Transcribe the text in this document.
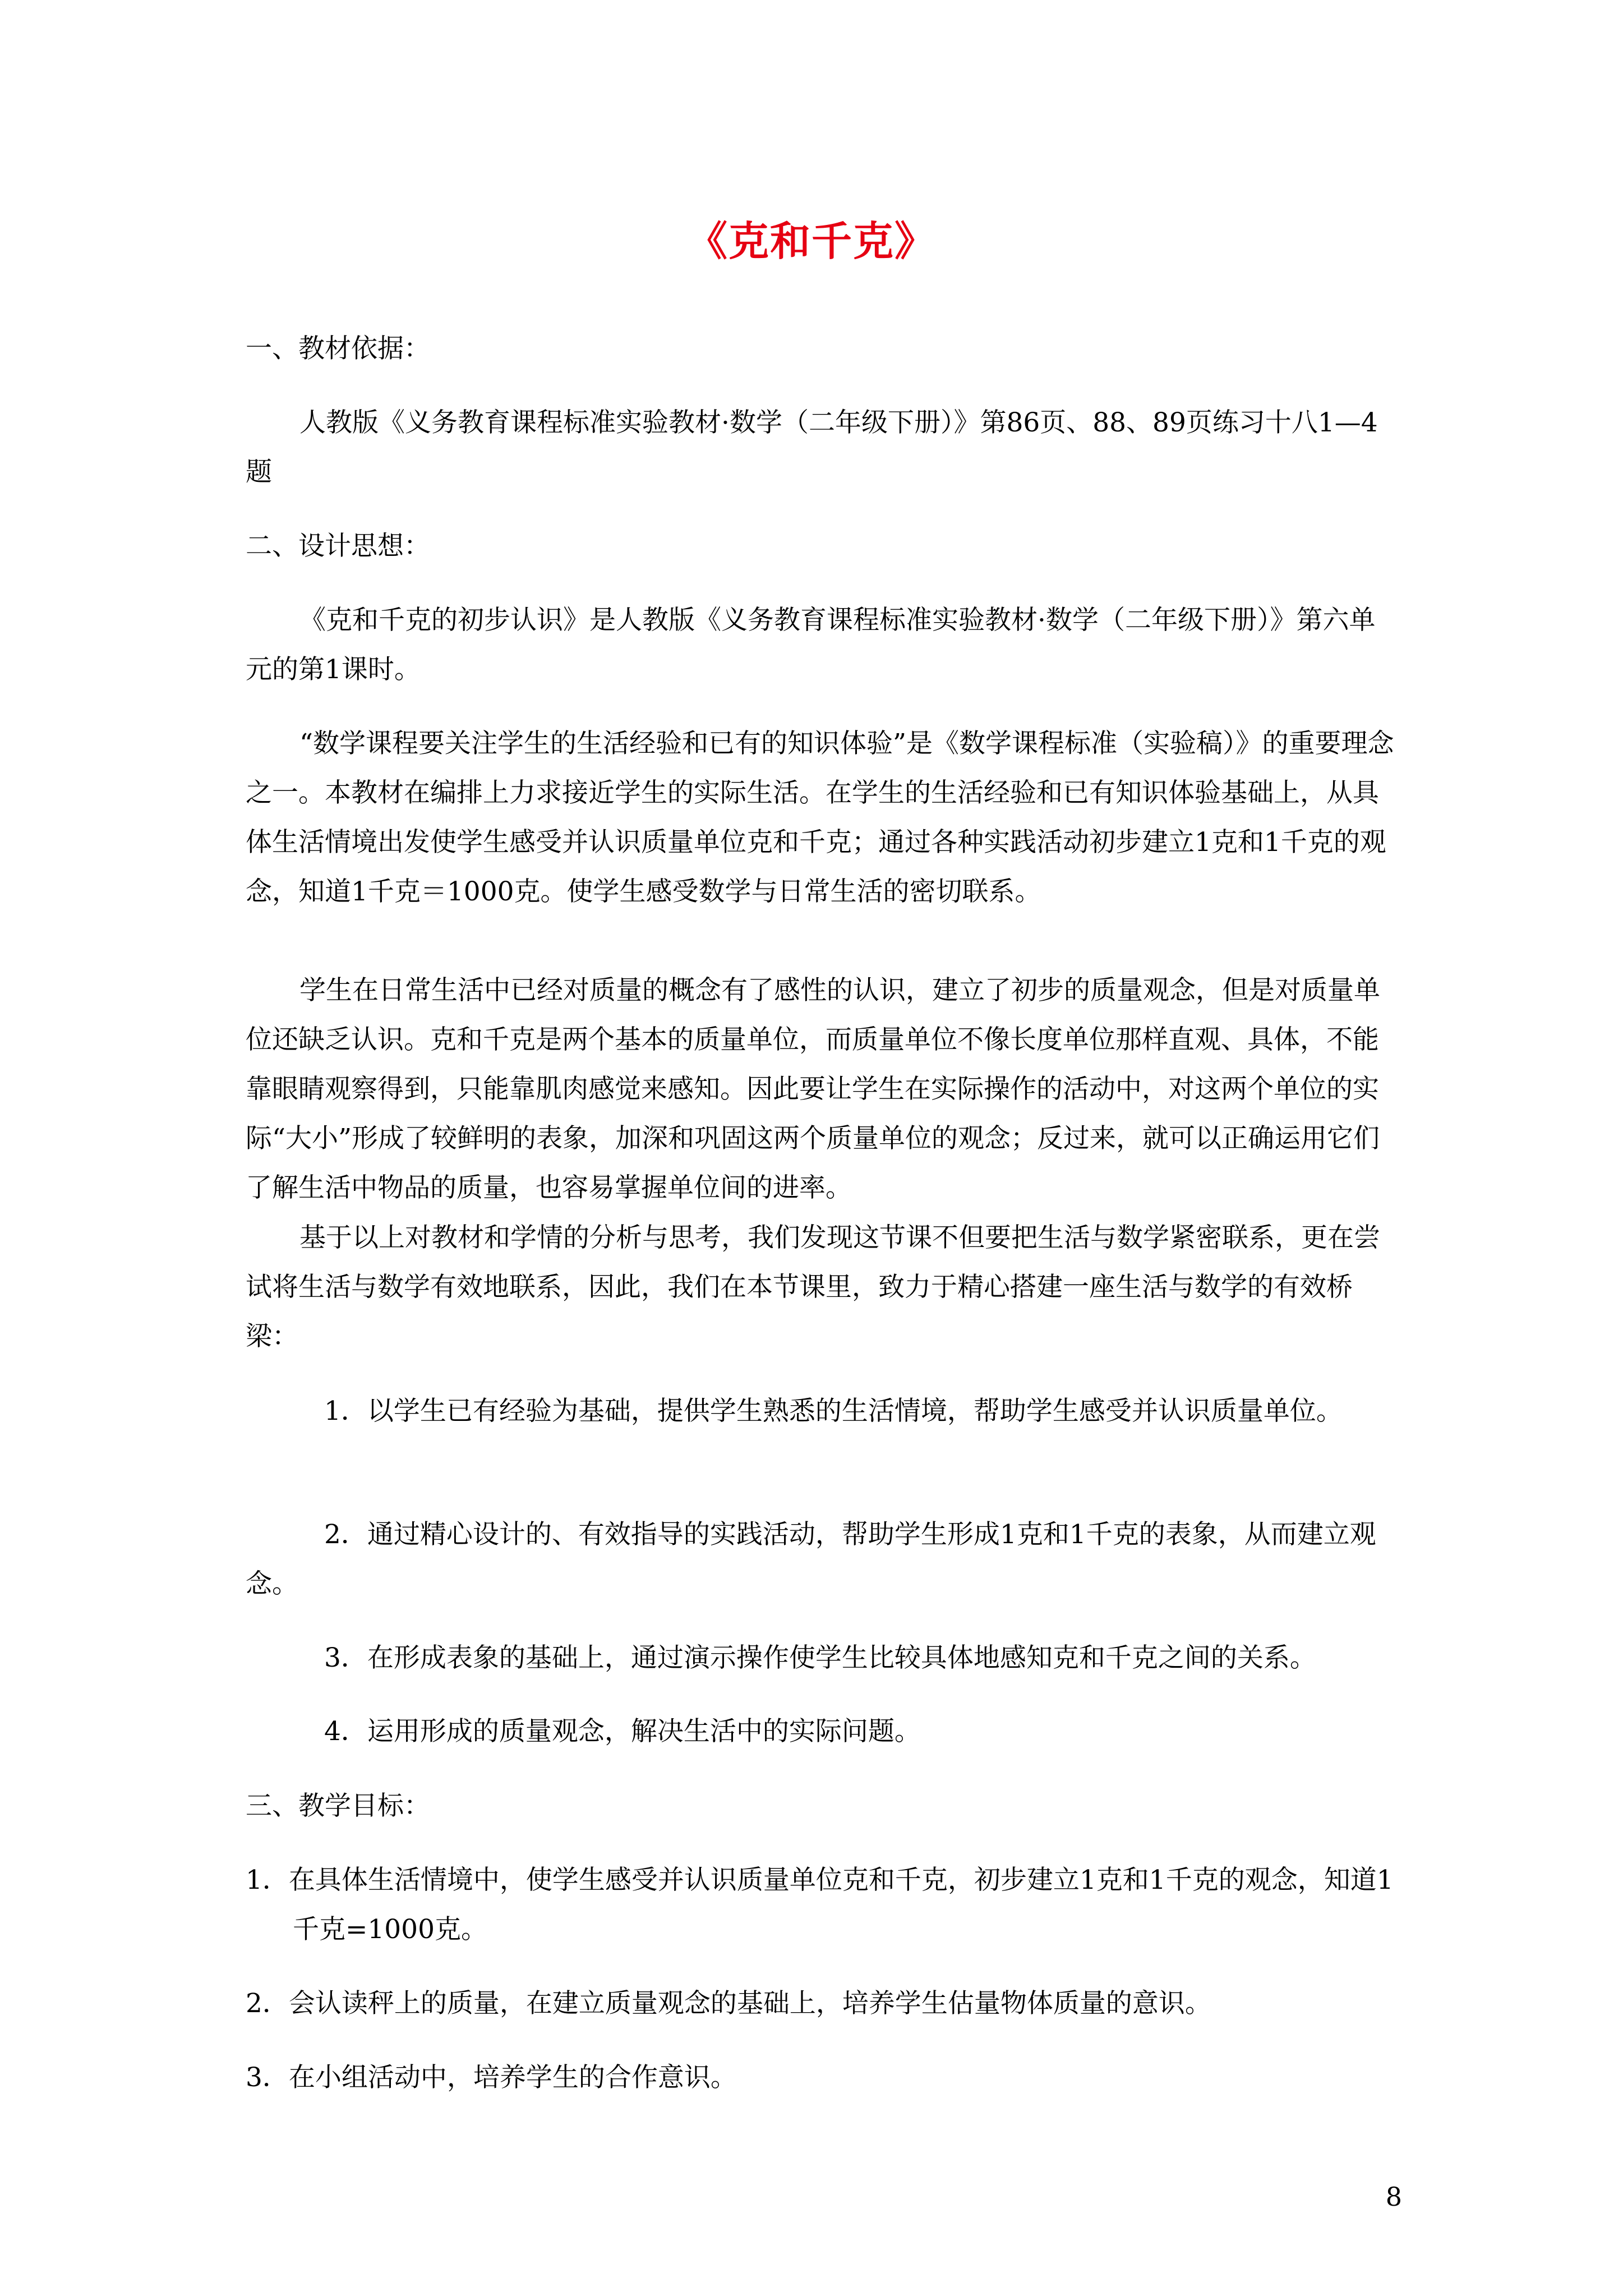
《克和千克》

一、教材依据：

人教版《义务教育课程标准实验教材·数学（二年级下册）》第86页、88、89页练习十八1—4题

二、设计思想：

《克和千克的初步认识》是人教版《义务教育课程标准实验教材·数学（二年级下册）》第六单元的第1课时。

“数学课程要关注学生的生活经验和已有的知识体验”是《数学课程标准（实验稿）》的重要理念之一。本教材在编排上力求接近学生的实际生活。在学生的生活经验和已有知识体验基础上，从具体生活情境出发使学生感受并认识质量单位克和千克；通过各种实践活动初步建立1克和1千克的观念，知道1千克＝1000克。使学生感受数学与日常生活的密切联系。

学生在日常生活中已经对质量的概念有了感性的认识，建立了初步的质量观念，但是对质量单位还缺乏认识。克和千克是两个基本的质量单位，而质量单位不像长度单位那样直观、具体，不能靠眼睛观察得到，只能靠肌肉感觉来感知。因此要让学生在实际操作的活动中，对这两个单位的实际“大小”形成了较鲜明的表象，加深和巩固这两个质量单位的观念；反过来，就可以正确运用它们了解生活中物品的质量，也容易掌握单位间的进率。

基于以上对教材和学情的分析与思考，我们发现这节课不但要把生活与数学紧密联系，更在尝试将生活与数学有效地联系，因此，我们在本节课里，致力于精心搭建一座生活与数学的有效桥梁：

1．以学生已有经验为基础，提供学生熟悉的生活情境，帮助学生感受并认识质量单位。

2．通过精心设计的、有效指导的实践活动，帮助学生形成1克和1千克的表象，从而建立观念。

3．在形成表象的基础上，通过演示操作使学生比较具体地感知克和千克之间的关系。

4．运用形成的质量观念，解决生活中的实际问题。

三、教学目标：

1．在具体生活情境中，使学生感受并认识质量单位克和千克，初步建立1克和1千克的观念，知道1千克=1000克。

2．会认读秤上的质量，在建立质量观念的基础上，培养学生估量物体质量的意识。

3．在小组活动中，培养学生的合作意识。

8
